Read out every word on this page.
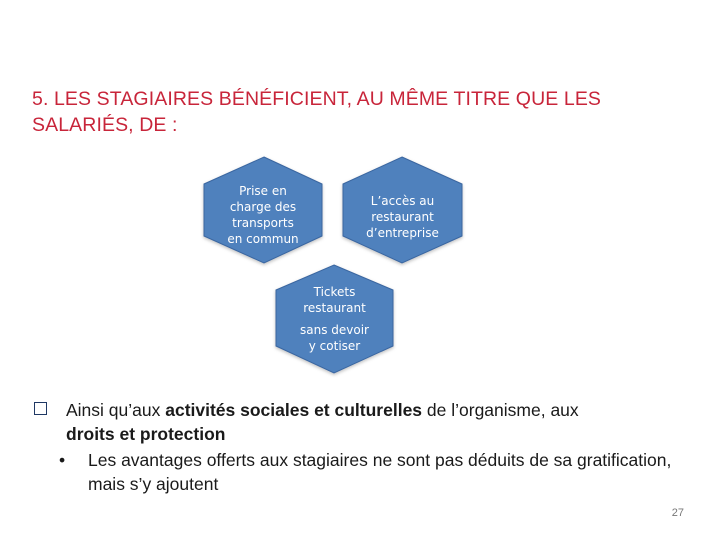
5. LES STAGIAIRES BÉNÉFICIENT, AU MÊME TITRE QUE LES
SALARIÉS, DE :
Prise en
charge des
transports
en commun
L’accès au
restaurant
d’entreprise
Tickets
restaurant
sans devoir
y cotiser
Ainsi qu’aux activités sociales et culturelles de l’organisme, aux
droits et protection
• Les avantages offerts aux stagiaires ne sont pas déduits de sa gratification, mais s’y ajoutent
27
